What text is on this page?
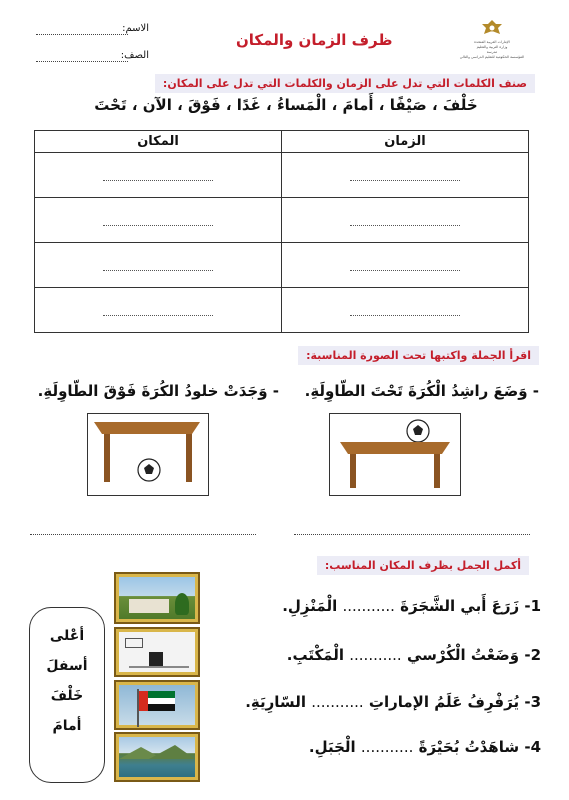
الاسم:
الصف:
ظرف الزمان والمكان	الإمارات العربية المتحدة
وزارة التربية والتعليم
مدرسة
المؤسسة الحكومية للتعليم الدراسي والتالي
صنف الكلمات التي تدل على الزمان والكلمات التي تدل على المكان:
خَلْفَ ، صَيْفًا ، أَمامَ ، الْمَساءُ ، غَدًا ، فَوْقَ ، الآن ، تَحْتَ
الزمان	المكان

اقرأ الجملة واكتبها تحت الصورة المناسبة:
- وَضَعَ راشِدُ الْكُرَةَ تَحْتَ الطّاوِلَةِ.
- وَجَدَتْ خلودُ الكُرَةَ فَوْقَ الطّاوِلَةِ.
أكمل الجمل بظرف المكان المناسب:
1- زَرَعَ أَبي الشَّجَرَةَ ........... الْمَنْزِلِ.
2- وَضَعْتُ الْكُرْسي ........... الْمَكْتَبِ.
3- يُرَفْرِفُ عَلَمُ الإماراتِ ........... السّارِيَةِ.
4- شاهَدْتُ بُحَيْرَةً ........... الْجَبَلِ.
أعْلى
أسفلَ
خَلْفَ
أمامَ
